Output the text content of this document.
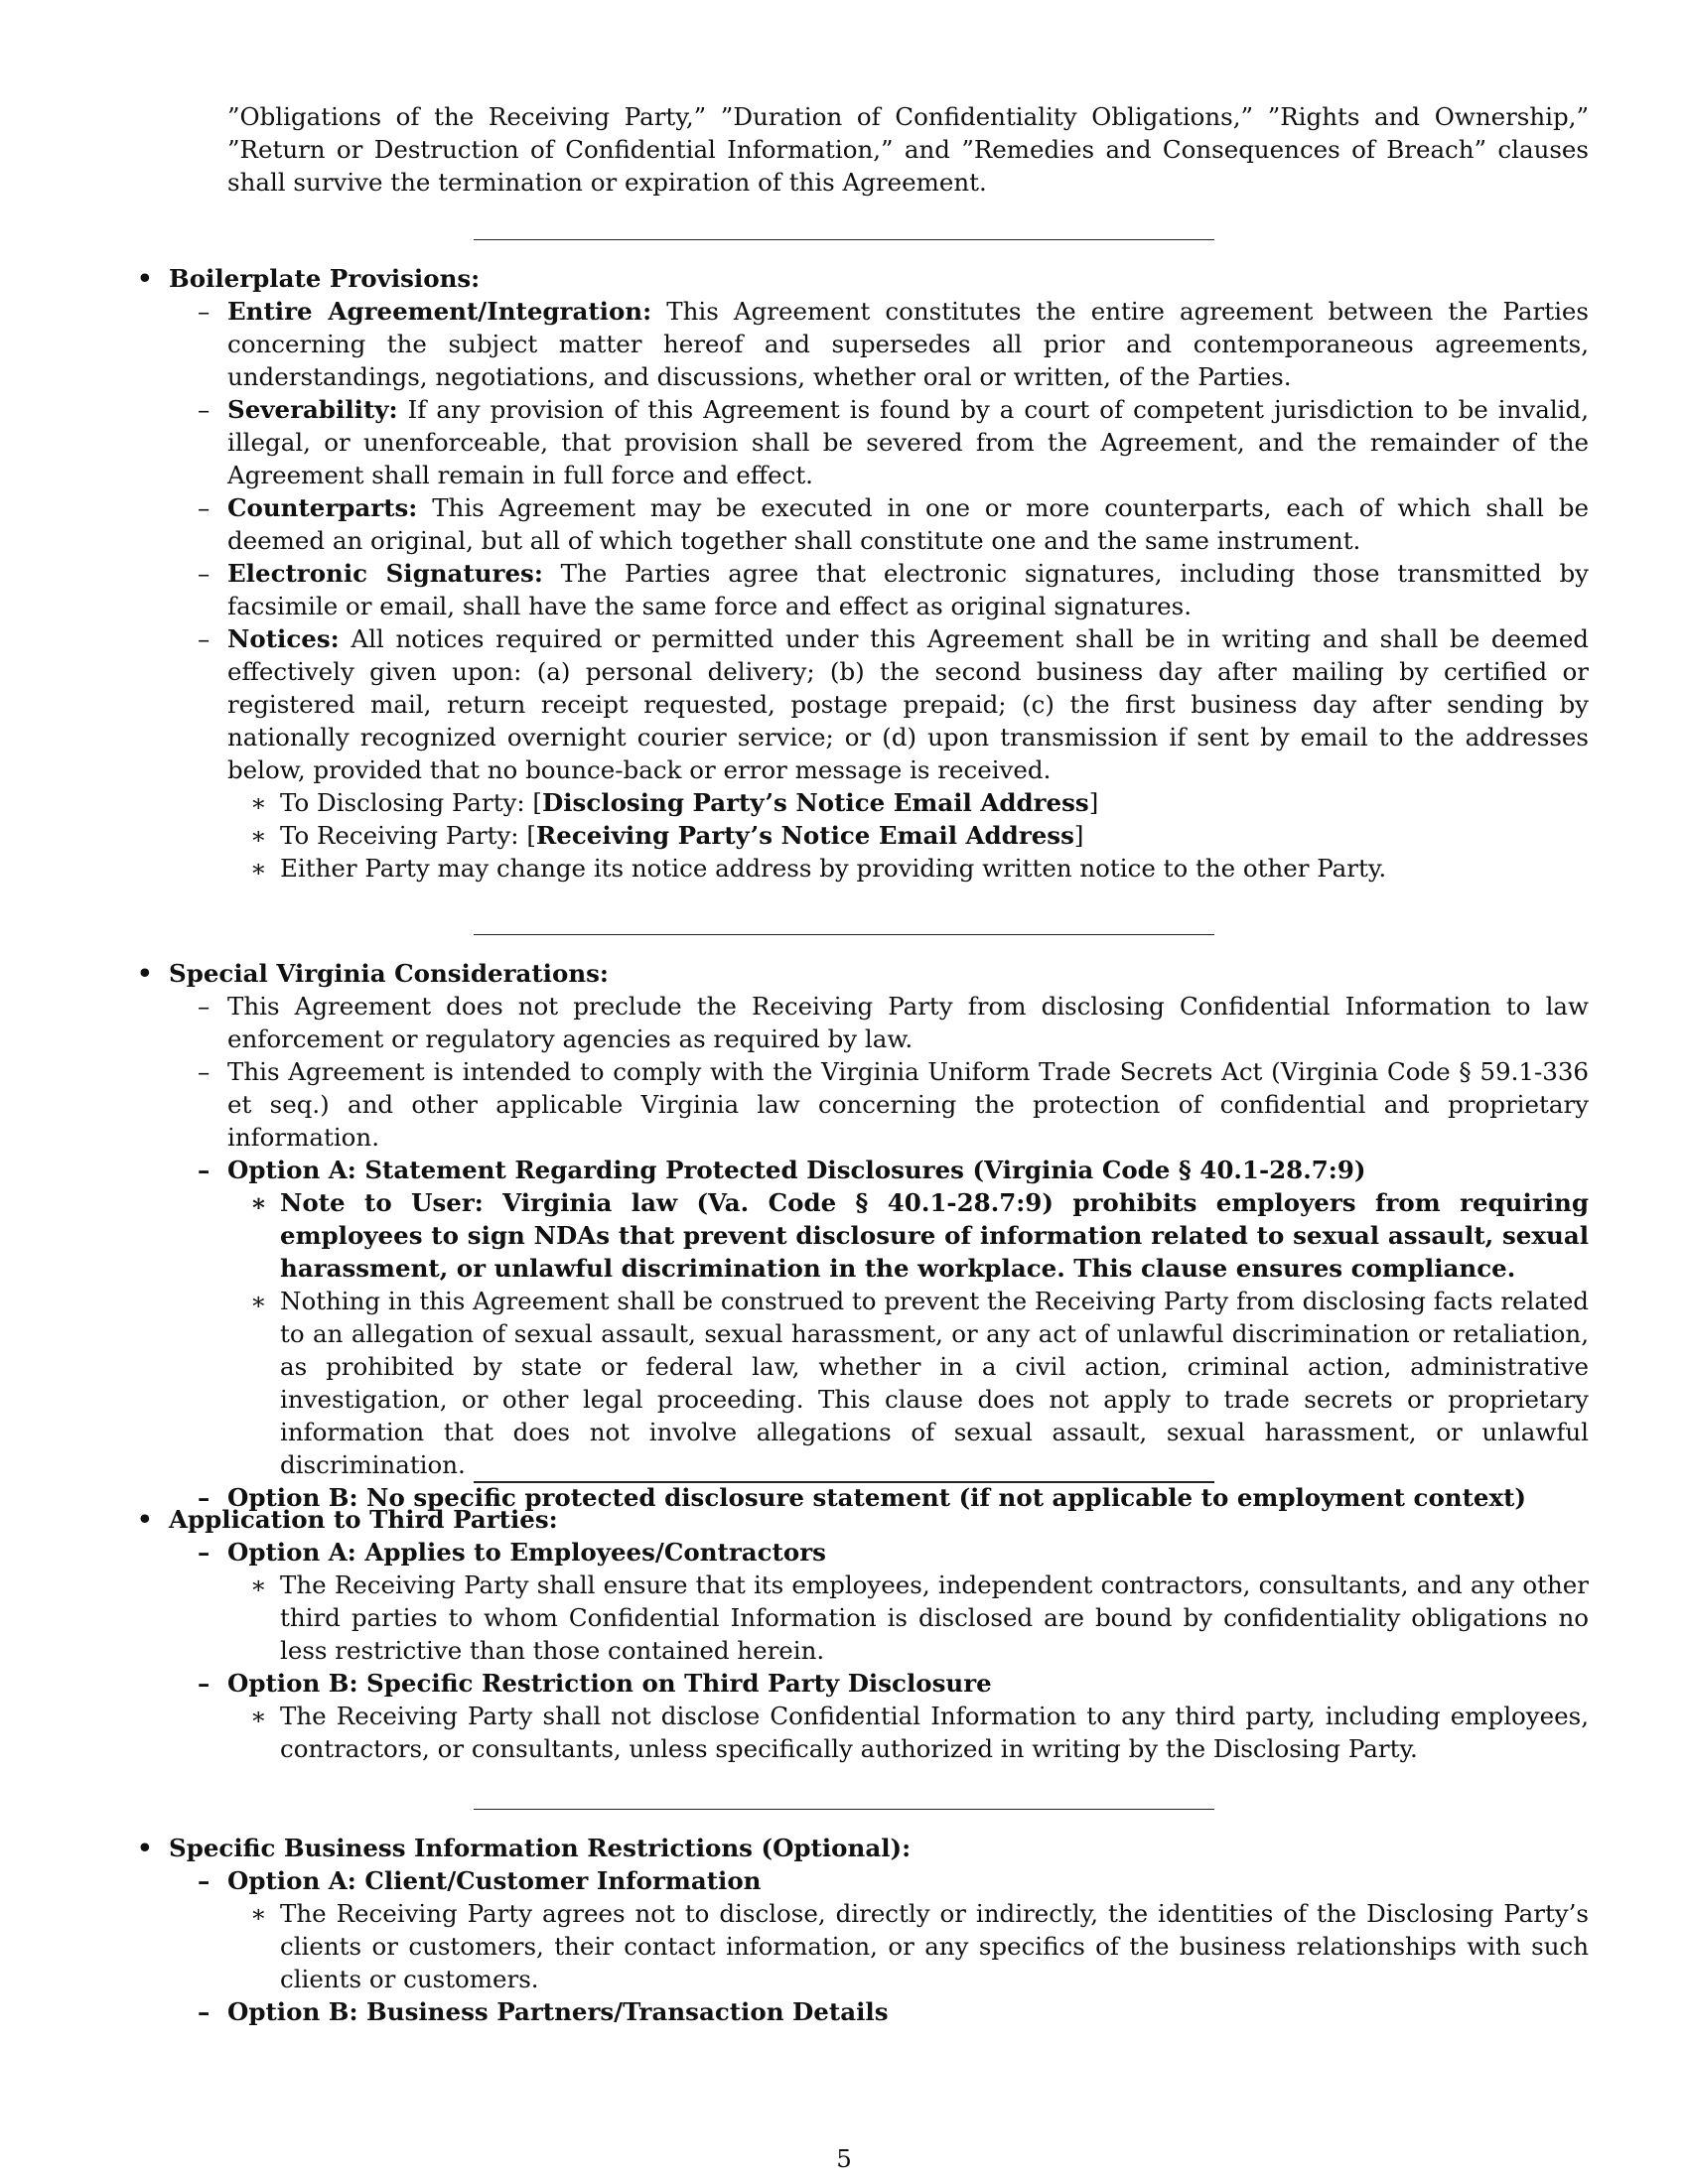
”Obligations of the Receiving Party,” ”Duration of Confidentiality Obligations,” ”Rights and Ownership,” ”Return or Destruction of Confidential Information,” and ”Remedies and Consequences of Breach” clauses shall survive the termination or expiration of this Agreement.
• Boilerplate Provisions:
– Entire Agreement/Integration: This Agreement constitutes the entire agreement between the Parties concerning the subject matter hereof and supersedes all prior and contemporaneous agreements, understandings, negotiations, and discussions, whether oral or written, of the Parties.
– Severability: If any provision of this Agreement is found by a court of competent jurisdiction to be invalid, illegal, or unenforceable, that provision shall be severed from the Agreement, and the remainder of the Agreement shall remain in full force and effect.
– Counterparts: This Agreement may be executed in one or more counterparts, each of which shall be deemed an original, but all of which together shall constitute one and the same instrument.
– Electronic Signatures: The Parties agree that electronic signatures, including those transmitted by facsimile or email, shall have the same force and effect as original signatures.
– Notices: All notices required or permitted under this Agreement shall be in writing and shall be deemed effectively given upon: (a) personal delivery; (b) the second business day after mailing by certified or registered mail, return receipt requested, postage prepaid; (c) the first business day after sending by nationally recognized overnight courier service; or (d) upon transmission if sent by email to the addresses below, provided that no bounce-back or error message is received.
∗ To Disclosing Party: [Disclosing Party’s Notice Email Address]
∗ To Receiving Party: [Receiving Party’s Notice Email Address]
∗ Either Party may change its notice address by providing written notice to the other Party.
• Special Virginia Considerations:
– This Agreement does not preclude the Receiving Party from disclosing Confidential Information to law enforcement or regulatory agencies as required by law.
– This Agreement is intended to comply with the Virginia Uniform Trade Secrets Act (Virginia Code § 59.1-336 et seq.) and other applicable Virginia law concerning the protection of confidential and proprietary information.
– Option A: Statement Regarding Protected Disclosures (Virginia Code § 40.1-28.7:9)
∗ Note to User: Virginia law (Va. Code § 40.1-28.7:9) prohibits employers from requiring employees to sign NDAs that prevent disclosure of information related to sexual assault, sexual harassment, or unlawful discrimination in the workplace. This clause ensures compliance.
∗ Nothing in this Agreement shall be construed to prevent the Receiving Party from disclosing facts related to an allegation of sexual assault, sexual harassment, or any act of unlawful discrimination or retaliation, as prohibited by state or federal law, whether in a civil action, criminal action, administrative investigation, or other legal proceeding. This clause does not apply to trade secrets or proprietary information that does not involve allegations of sexual assault, sexual harassment, or unlawful discrimination.
– Option B: No specific protected disclosure statement (if not applicable to employment context)
• Application to Third Parties:
– Option A: Applies to Employees/Contractors
∗ The Receiving Party shall ensure that its employees, independent contractors, consultants, and any other third parties to whom Confidential Information is disclosed are bound by confidentiality obligations no less restrictive than those contained herein.
– Option B: Specific Restriction on Third Party Disclosure
∗ The Receiving Party shall not disclose Confidential Information to any third party, including employees, contractors, or consultants, unless specifically authorized in writing by the Disclosing Party.
• Specific Business Information Restrictions (Optional):
– Option A: Client/Customer Information
∗ The Receiving Party agrees not to disclose, directly or indirectly, the identities of the Disclosing Party’s clients or customers, their contact information, or any specifics of the business relationships with such clients or customers.
– Option B: Business Partners/Transaction Details
5
